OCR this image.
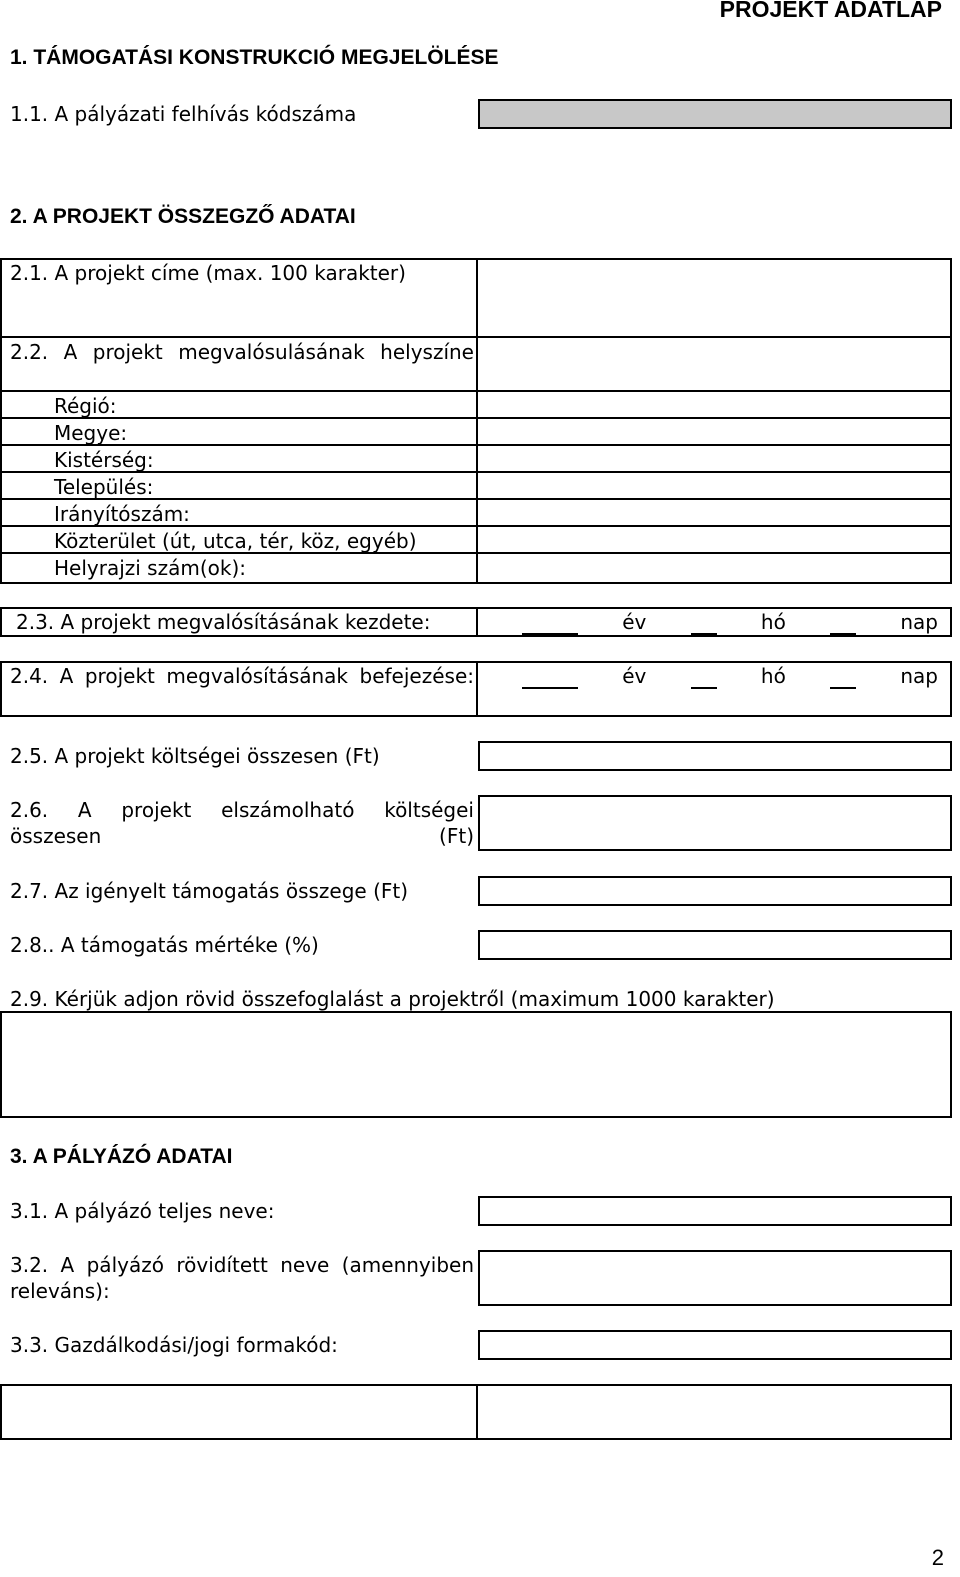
PROJEKT ADATLAP
1. TÁMOGATÁSI KONSTRUKCIÓ MEGJELÖLÉSE
1.1. A pályázati felhívás kódszáma
2. A PROJEKT ÖSSZEGZŐ ADATAI
2.1. A projekt címe (max. 100 karakter)
2.2. A projekt megvalósulásának helyszíne
Régió:
Megye:
Kistérség:
Település:
Irányítószám:
Közterület (út, utca, tér, köz, egyéb)
Helyrajzi szám(ok):
2.3. A projekt megvalósításának kezdete:	év	hó	nap
2.4. A projekt megvalósításának befejezése:	év	hó	nap
2.5. A projekt költségei összesen (Ft)
2.6. A projekt elszámolható költségei összesen (Ft)
2.7. Az igényelt támogatás összege (Ft)
2.8.. A támogatás mértéke (%)
2.9. Kérjük adjon rövid összefoglalást a projektről (maximum 1000 karakter)
3. A PÁLYÁZÓ ADATAI
3.1. A pályázó teljes neve:
3.2. A pályázó rövidített neve (amennyiben releváns):
3.3. Gazdálkodási/jogi formakód:
2
